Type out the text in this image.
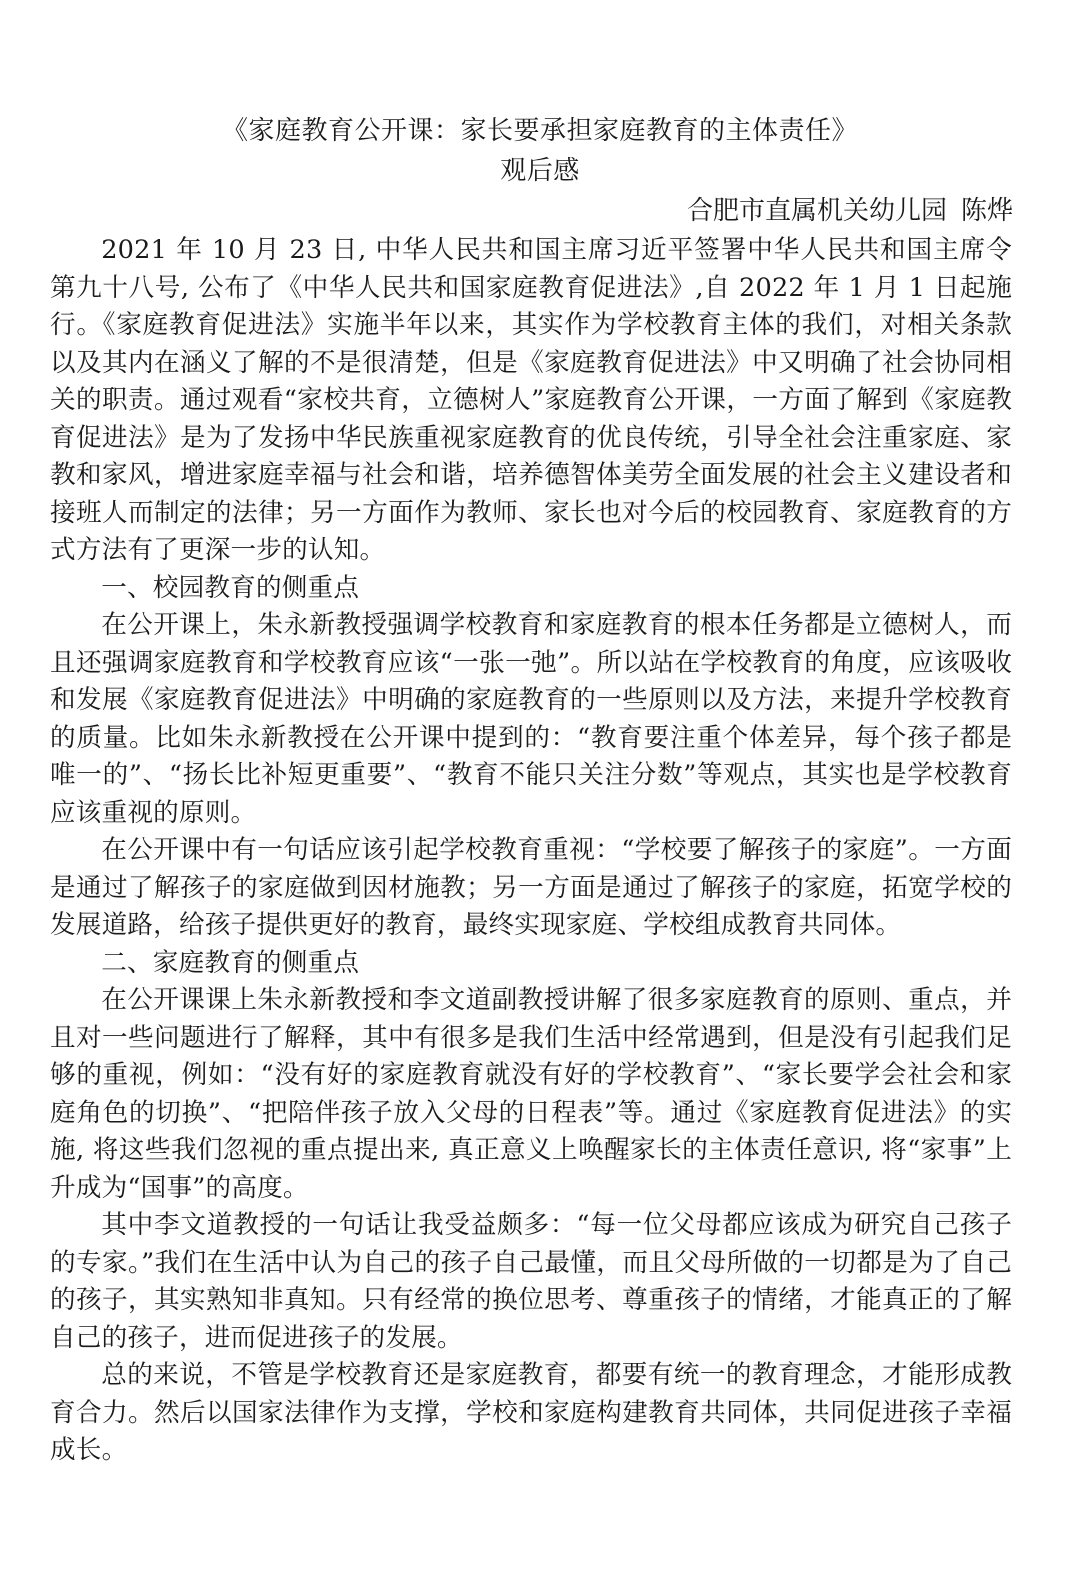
《家庭教育公开课：家长要承担家庭教育的主体责任》
观后感
合肥市直属机关幼儿园 陈烨

2021 年 10 月 23 日, 中华人民共和国主席习近平签署中华人民共和国主席令第九十八号, 公布了《中华人民共和国家庭教育促进法》,自 2022 年 1 月 1 日起施行。《家庭教育促进法》实施半年以来，其实作为学校教育主体的我们，对相关条款以及其内在涵义了解的不是很清楚，但是《家庭教育促进法》中又明确了社会协同相关的职责。通过观看“家校共育，立德树人”家庭教育公开课，一方面了解到《家庭教育促进法》是为了发扬中华民族重视家庭教育的优良传统，引导全社会注重家庭、家教和家风，增进家庭幸福与社会和谐，培养德智体美劳全面发展的社会主义建设者和接班人而制定的法律；另一方面作为教师、家长也对今后的校园教育、家庭教育的方式方法有了更深一步的认知。

一、校园教育的侧重点

在公开课上，朱永新教授强调学校教育和家庭教育的根本任务都是立德树人，而且还强调家庭教育和学校教育应该“一张一弛”。所以站在学校教育的角度，应该吸收和发展《家庭教育促进法》中明确的家庭教育的一些原则以及方法，来提升学校教育的质量。比如朱永新教授在公开课中提到的：“教育要注重个体差异，每个孩子都是唯一的”、“扬长比补短更重要”、“教育不能只关注分数”等观点，其实也是学校教育应该重视的原则。

在公开课中有一句话应该引起学校教育重视：“学校要了解孩子的家庭”。一方面是通过了解孩子的家庭做到因材施教；另一方面是通过了解孩子的家庭，拓宽学校的发展道路，给孩子提供更好的教育，最终实现家庭、学校组成教育共同体。

二、家庭教育的侧重点

在公开课课上朱永新教授和李文道副教授讲解了很多家庭教育的原则、重点，并且对一些问题进行了解释，其中有很多是我们生活中经常遇到，但是没有引起我们足够的重视，例如：“没有好的家庭教育就没有好的学校教育”、“家长要学会社会和家庭角色的切换”、“把陪伴孩子放入父母的日程表”等。通过《家庭教育促进法》的实施, 将这些我们忽视的重点提出来, 真正意义上唤醒家长的主体责任意识, 将“家事”上升成为“国事”的高度。

其中李文道教授的一句话让我受益颇多：“每一位父母都应该成为研究自己孩子的专家。”我们在生活中认为自己的孩子自己最懂，而且父母所做的一切都是为了自己的孩子，其实熟知非真知。只有经常的换位思考、尊重孩子的情绪，才能真正的了解自己的孩子，进而促进孩子的发展。

总的来说，不管是学校教育还是家庭教育，都要有统一的教育理念，才能形成教育合力。然后以国家法律作为支撑，学校和家庭构建教育共同体，共同促进孩子幸福成长。
